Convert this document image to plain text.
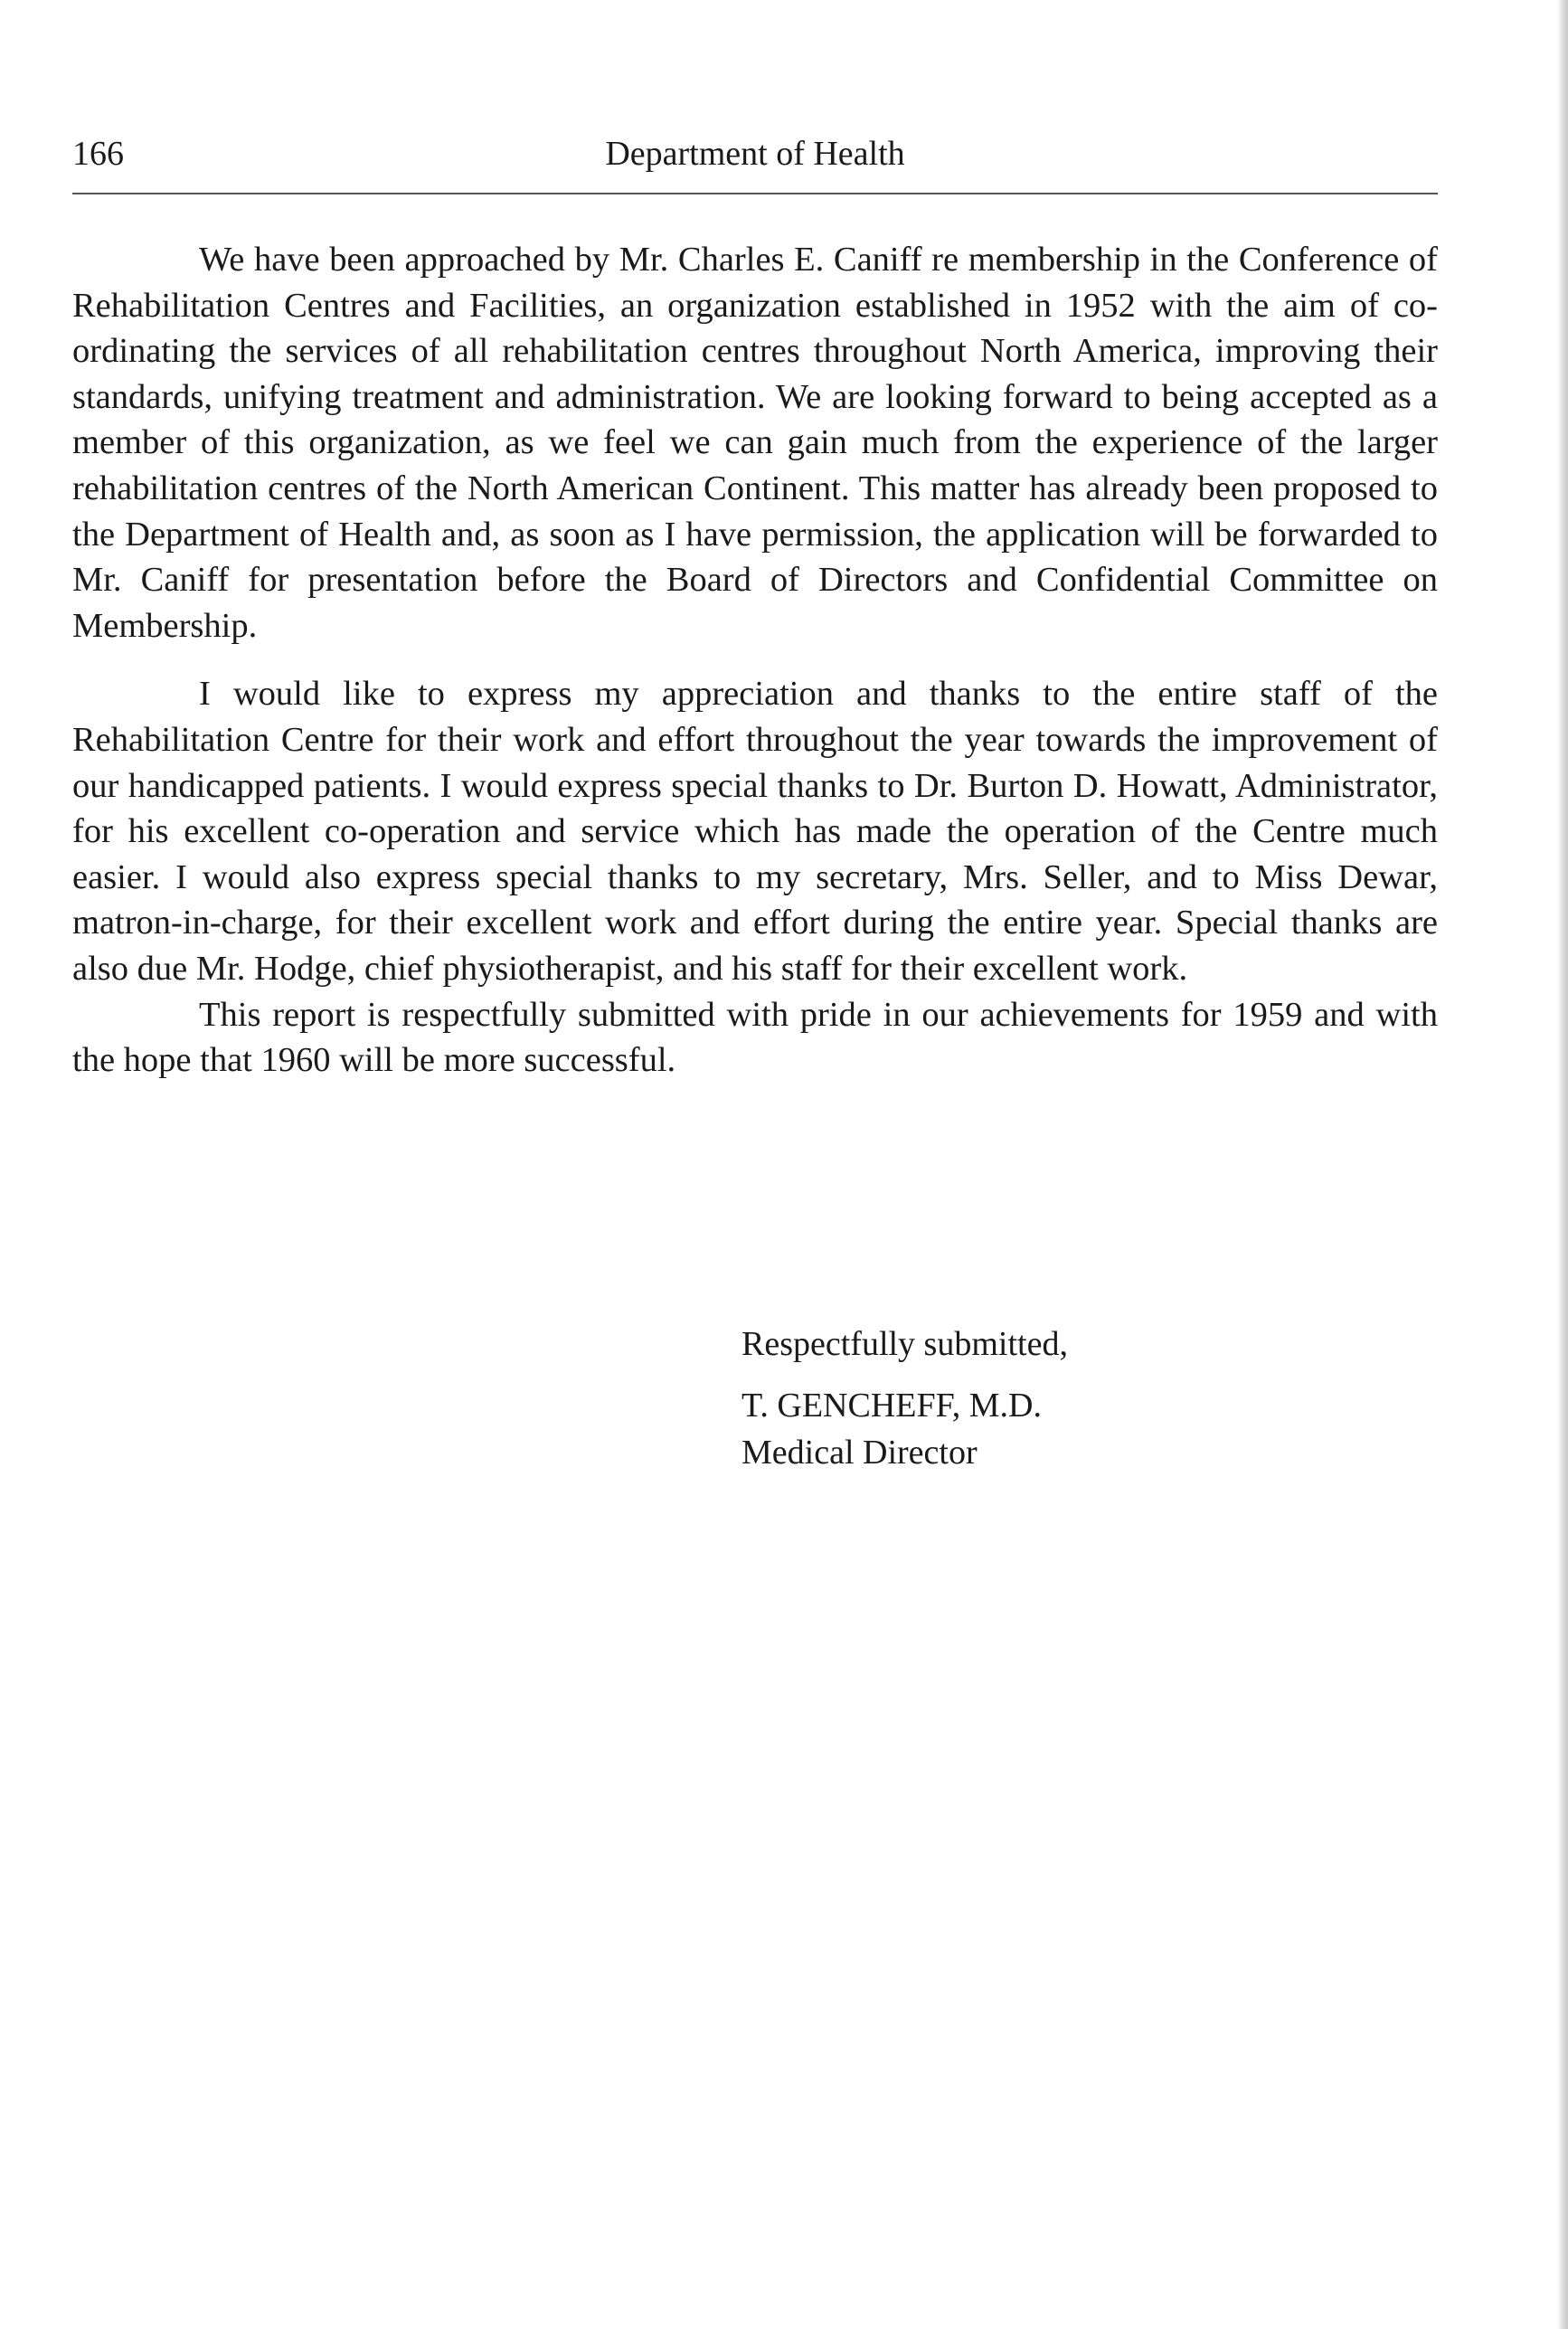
166	Department of Health

We have been approached by Mr. Charles E. Caniff re membership in the Conference of Rehabilitation Centres and Facilities, an organization established in 1952 with the aim of co-ordinating the services of all rehabilitation centres throughout North America, improving their standards, unifying treatment and administration. We are looking forward to being accepted as a member of this organization, as we feel we can gain much from the experience of the larger rehabilitation centres of the North American Continent. This matter has already been proposed to the Department of Health and, as soon as I have permission, the application will be forwarded to Mr. Caniff for presentation before the Board of Directors and Confidential Committee on Membership.

I would like to express my appreciation and thanks to the entire staff of the Rehabilitation Centre for their work and effort throughout the year towards the improvement of our handicapped patients. I would express special thanks to Dr. Burton D. Howatt, Administrator, for his excellent co-operation and service which has made the operation of the Centre much easier. I would also express special thanks to my secretary, Mrs. Seller, and to Miss Dewar, matron-in-charge, for their excellent work and effort during the entire year. Special thanks are also due Mr. Hodge, chief physiotherapist, and his staff for their excellent work.

This report is respectfully submitted with pride in our achievements for 1959 and with the hope that 1960 will be more successful.

Respectfully submitted,
T. GENCHEFF, M.D.
Medical Director
